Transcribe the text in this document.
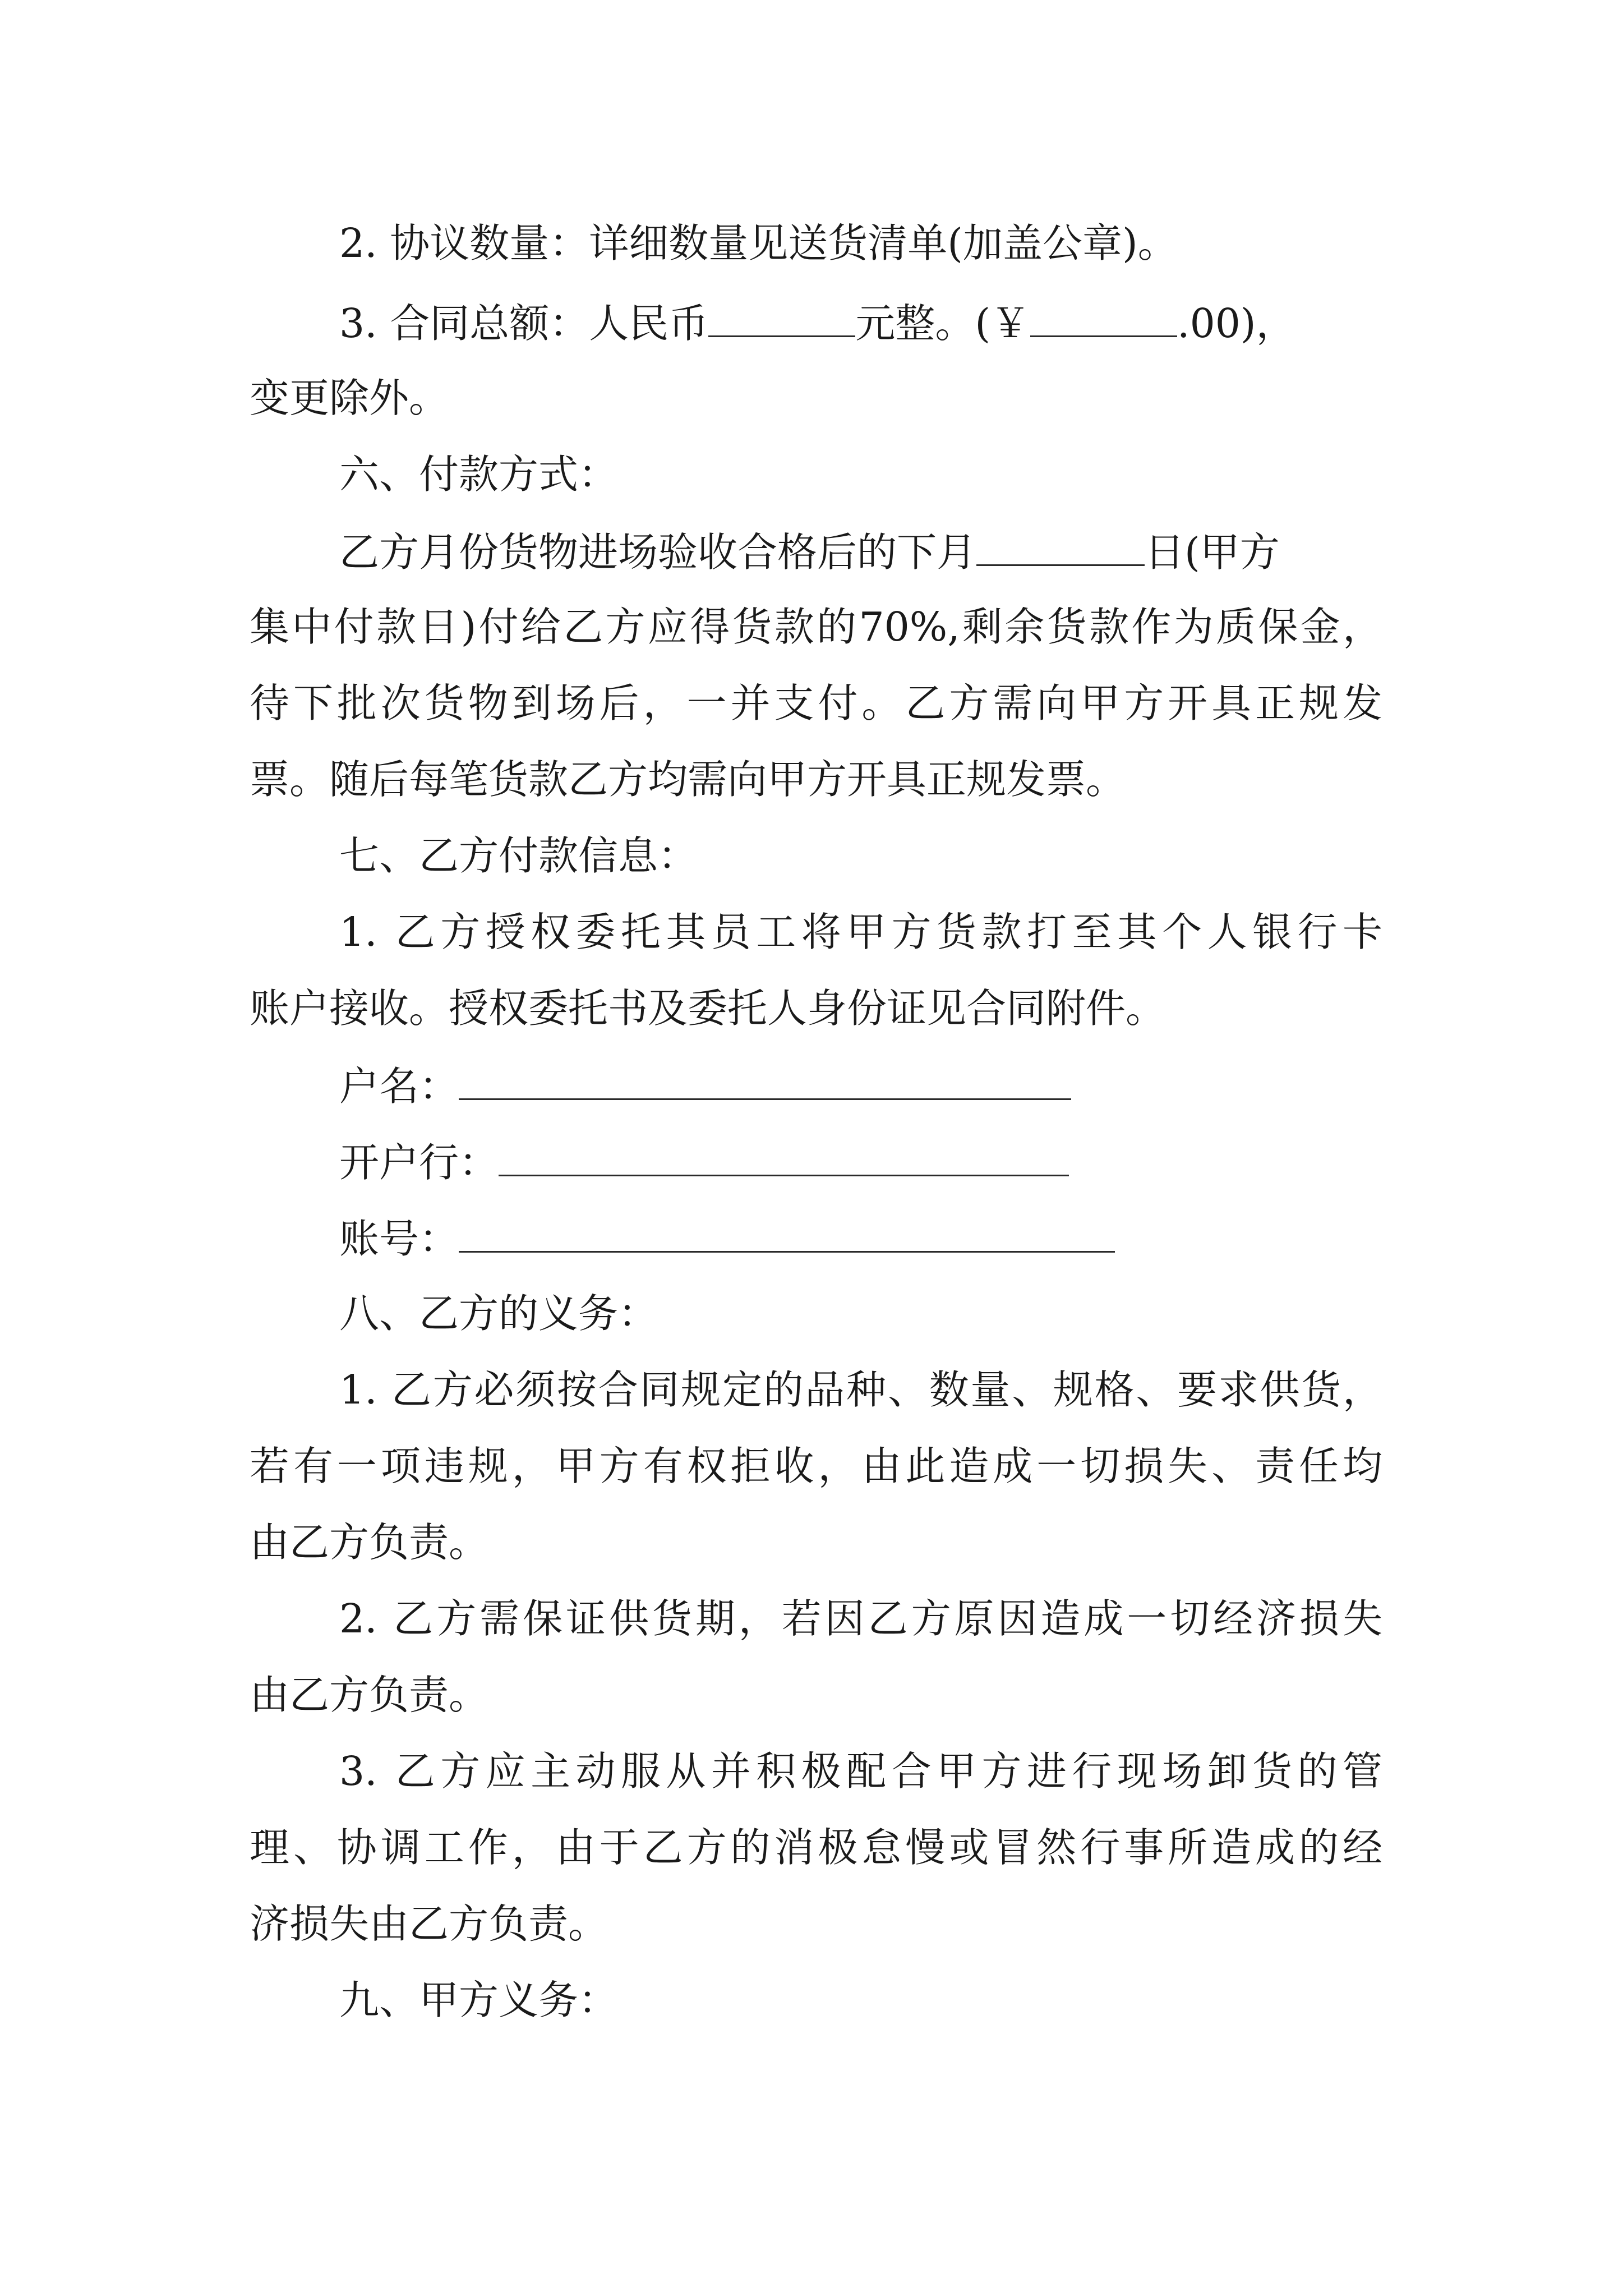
2. 协议数量：详细数量见送货清单(加盖公章)。
3. 合同总额：人民币	元整。(￥	.00)，
变更除外。
六、付款方式：
乙方月份货物进场验收合格后的下月	日(甲方
集中付款日)付给乙方应得货款的70%,剩余货款作为质保金，
待下批次货物到场后，一并支付。乙方需向甲方开具正规发
票。随后每笔货款乙方均需向甲方开具正规发票。
七、乙方付款信息：
1. 乙方授权委托其员工将甲方货款打至其个人银行卡
账户接收。授权委托书及委托人身份证见合同附件。
户名：
开户行：
账号：
八、乙方的义务：
1. 乙方必须按合同规定的品种、数量、规格、要求供货，
若有一项违规，甲方有权拒收，由此造成一切损失、责任均
由乙方负责。
2. 乙方需保证供货期，若因乙方原因造成一切经济损失
由乙方负责。
3. 乙方应主动服从并积极配合甲方进行现场卸货的管
理、协调工作，由于乙方的消极怠慢或冒然行事所造成的经
济损失由乙方负责。
九、甲方义务：
